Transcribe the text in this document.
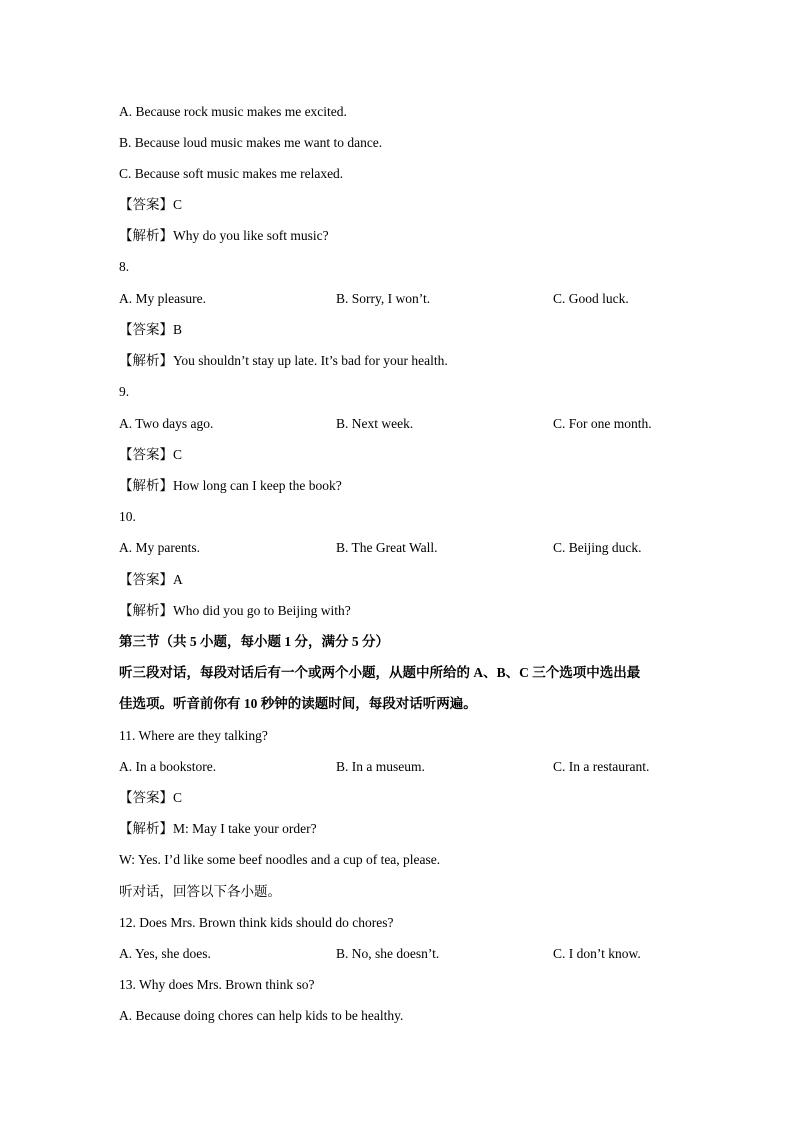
A. Because rock music makes me excited.
B. Because loud music makes me want to dance.
C. Because soft music makes me relaxed.
【答案】C
【解析】Why do you like soft music?
8.
A. My pleasure.	B. Sorry, I won’t.	C. Good luck.
【答案】B
【解析】You shouldn’t stay up late. It’s bad for your health.
9.
A. Two days ago.	B. Next week.	C. For one month.
【答案】C
【解析】How long can I keep the book?
10.
A. My parents.	B. The Great Wall.	C. Beijing duck.
【答案】A
【解析】Who did you go to Beijing with?
第三节（共 5 小题，每小题 1 分，满分 5 分）
听三段对话，每段对话后有一个或两个小题，从题中所给的 A、B、C 三个选项中选出最
佳选项。听音前你有 10 秒钟的读题时间，每段对话听两遍。
11. Where are they talking?
A. In a bookstore.	B. In a museum.	C. In a restaurant.
【答案】C
【解析】M: May I take your order?
W: Yes. I’d like some beef noodles and a cup of tea, please.
听对话，回答以下各小题。
12. Does Mrs. Brown think kids should do chores?
A. Yes, she does.	B. No, she doesn’t.	C. I don’t know.
13. Why does Mrs. Brown think so?
A. Because doing chores can help kids to be healthy.
